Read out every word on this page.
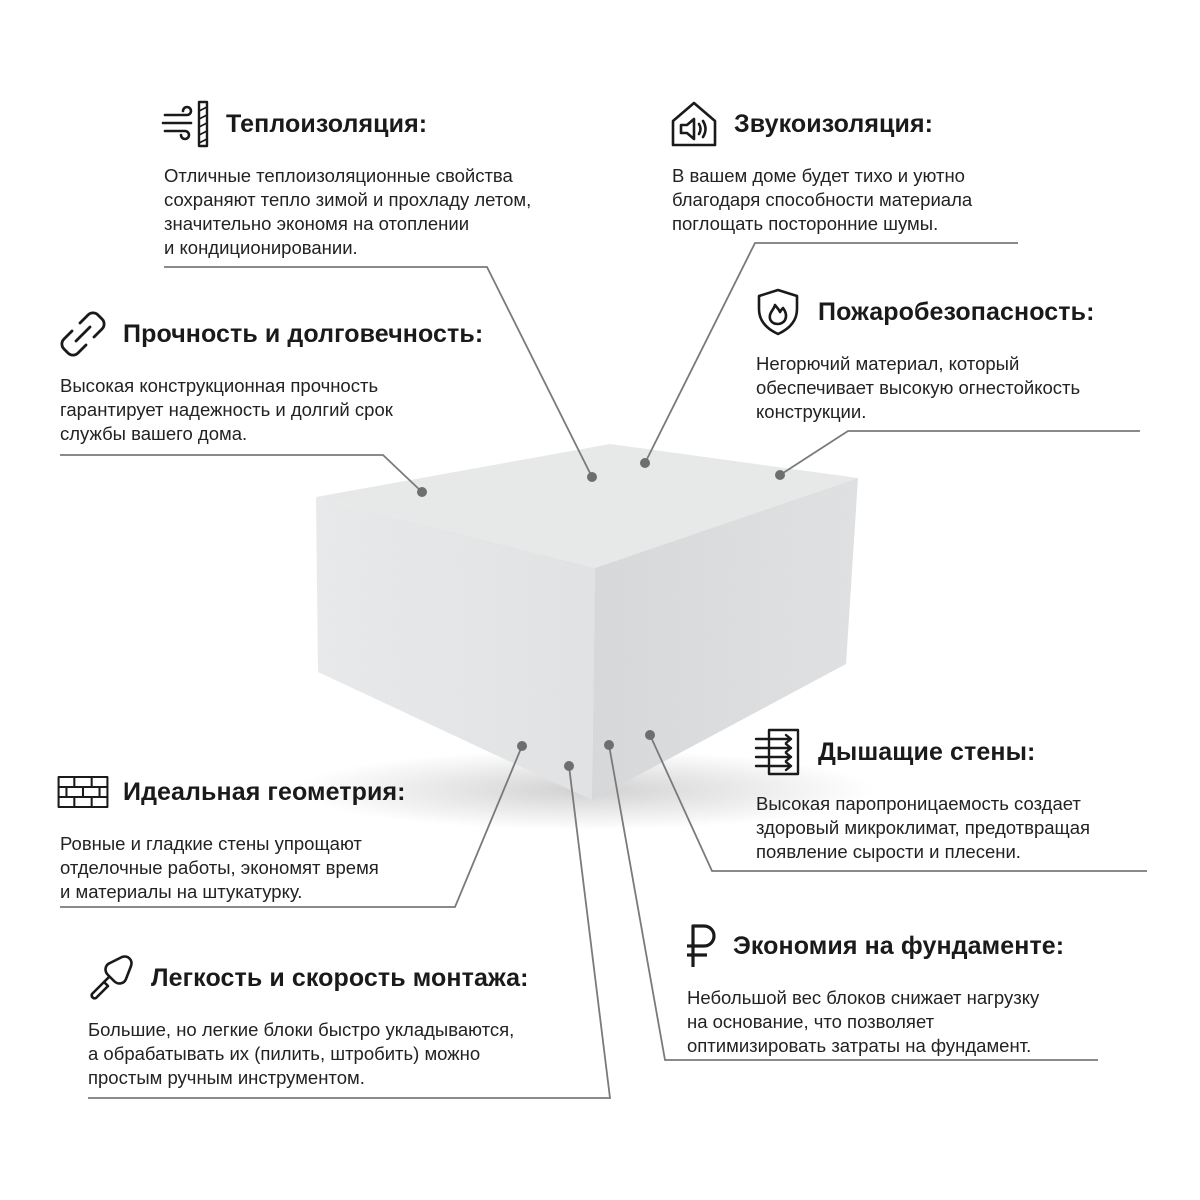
Теплоизоляция:

Отличные теплоизоляционные свойства
сохраняют тепло зимой и прохладу летом,
значительно экономя на отоплении
и кондиционировании.

Звукоизоляция:

В вашем доме будет тихо и уютно
благодаря способности материала
поглощать посторонние шумы.

Прочность и долговечность:

Высокая конструкционная прочность
гарантирует надежность и долгий срок
службы вашего дома.

Пожаробезопасность:

Негорючий материал, который
обеспечивает высокую огнестойкость
конструкции.

Идеальная геометрия:

Ровные и гладкие стены упрощают
отделочные работы, экономят время
и материалы на штукатурку.

Дышащие стены:

Высокая паропроницаемость создает
здоровый микроклимат, предотвращая
появление сырости и плесени.

Экономия на фундаменте:

Небольшой вес блоков снижает нагрузку
на основание, что позволяет
оптимизировать затраты на фундамент.

Легкость и скорость монтажа:

Большие, но легкие блоки быстро укладываются,
а обрабатывать их (пилить, штробить) можно
простым ручным инструментом.
